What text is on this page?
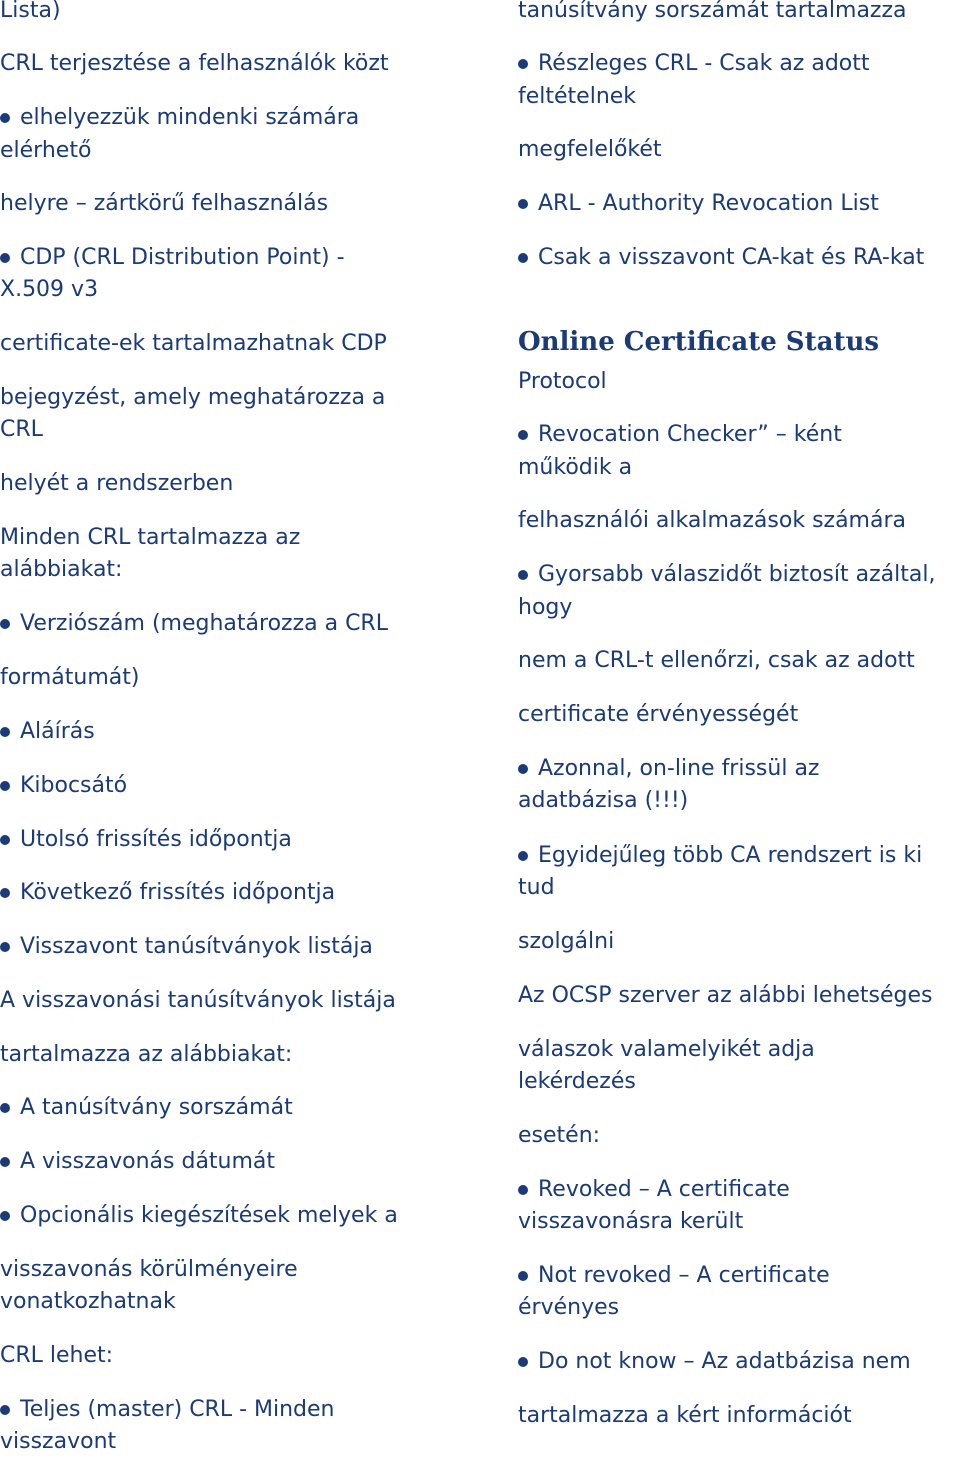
Lista)
CRL terjesztése a felhasználók közt
elhelyezzük mindenki számára
elérhető
helyre – zártkörű felhasználás
CDP (CRL Distribution Point) -
X.509 v3
certificate-ek tartalmazhatnak CDP
bejegyzést, amely meghatározza a
CRL
helyét a rendszerben
Minden CRL tartalmazza az
alábbiakat:
Verziószám (meghatározza a CRL
formátumát)
Aláírás
Kibocsátó
Utolsó frissítés időpontja
Következő frissítés időpontja
Visszavont tanúsítványok listája
A visszavonási tanúsítványok listája
tartalmazza az alábbiakat:
A tanúsítvány sorszámát
A visszavonás dátumát
Opcionális kiegészítések melyek a
visszavonás körülményeire
vonatkozhatnak
CRL lehet:
Teljes (master) CRL - Minden
visszavont
tanúsítvány sorszámát tartalmazza
Részleges CRL - Csak az adott
feltételnek
megfelelőkét
ARL - Authority Revocation List
Csak a visszavont CA-kat és RA-kat
Online Certificate Status
Protocol
Revocation Checker” – ként
működik a
felhasználói alkalmazások számára
Gyorsabb válaszidőt biztosít azáltal,
hogy
nem a CRL-t ellenőrzi, csak az adott
certificate érvényességét
Azonnal, on-line frissül az
adatbázisa (!!!)
Egyidejűleg több CA rendszert is ki
tud
szolgálni
Az OCSP szerver az alábbi lehetséges
válaszok valamelyikét adja
lekérdezés
esetén:
Revoked – A certificate
visszavonásra került
Not revoked – A certificate
érvényes
Do not know – Az adatbázisa nem
tartalmazza a kért információt
